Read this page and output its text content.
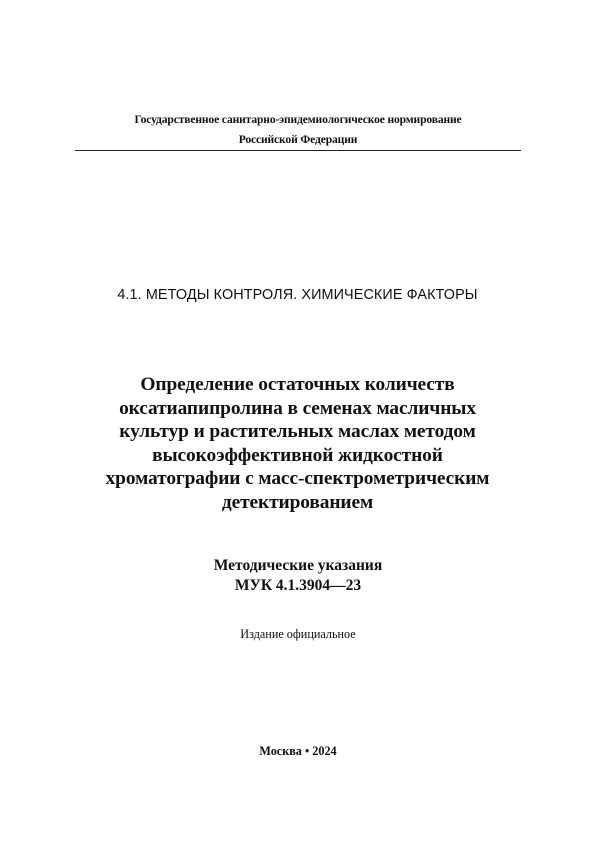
Государственное санитарно-эпидемиологическое нормирование
Российской Федерации
4.1. МЕТОДЫ КОНТРОЛЯ. ХИМИЧЕСКИЕ ФАКТОРЫ
Определение остаточных количеств
оксатиапипролина в семенах масличных
культур и растительных маслах методом
высокоэффективной жидкостной
хроматографии с масс-спектрометрическим
детектированием
Методические указания
МУК 4.1.3904—23
Издание официальное
Москва • 2024
